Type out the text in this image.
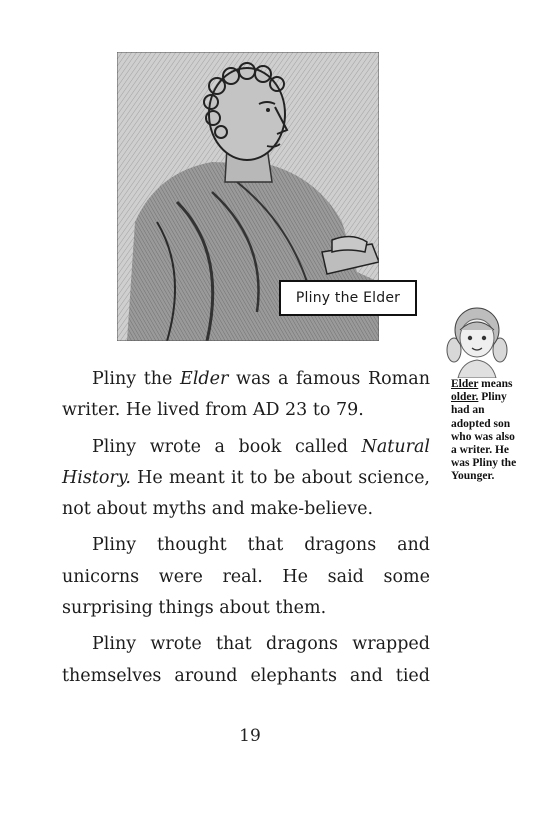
Pliny the Elder
Elder means older. Pliny had an adopted son who was also a writer. He was Pliny the Younger.

Pliny the Elder was a famous Roman writer. He lived from AD 23 to 79.

Pliny wrote a book called Natural History. He meant it to be about science, not about myths and make-believe.

Pliny thought that dragons and unicorns were real. He said some surprising things about them.

Pliny wrote that dragons wrapped themselves around elephants and tied

19
